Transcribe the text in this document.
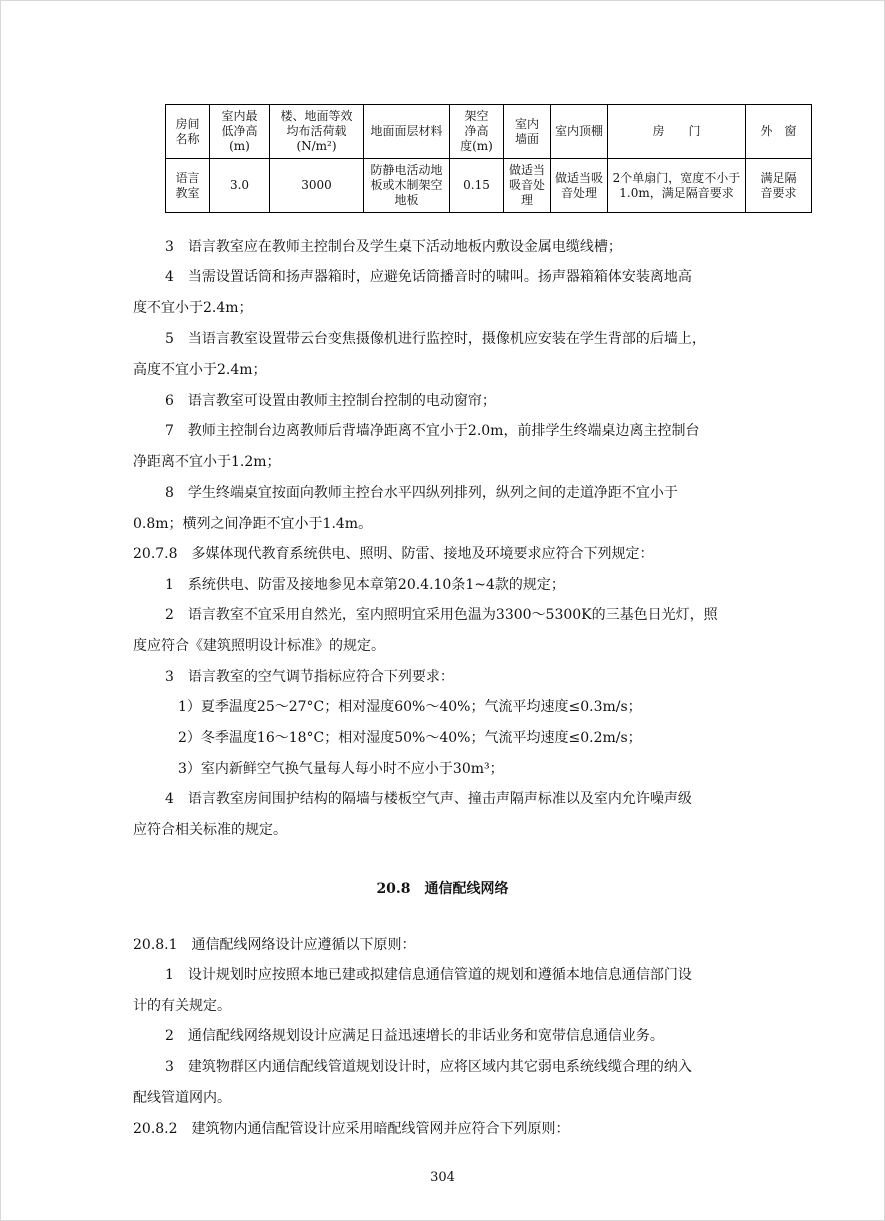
房间
名称	室内最
低净高
(m)	楼、地面等效
均布活荷载
(N/m²)	地面面层材料	架空
净高
度(m)	室内
墙面	室内顶棚	房　　门	外　窗
语言
教室	3.0	3000	防静电活动地
板或木制架空
地板	0.15	做适当
吸音处
理	做适当吸
音处理	2个单扇门，宽度不小于
1.0m，满足隔音要求	满足隔
音要求
3　语言教室应在教师主控制台及学生桌下活动地板内敷设金属电缆线槽；
4　当需设置话筒和扬声器箱时，应避免话筒播音时的啸叫。扬声器箱箱体安装离地高
度不宜小于2.4m；
5　当语言教室设置带云台变焦摄像机进行监控时，摄像机应安装在学生背部的后墙上，
高度不宜小于2.4m；
6　语言教室可设置由教师主控制台控制的电动窗帘；
7　教师主控制台边离教师后背墙净距离不宜小于2.0m，前排学生终端桌边离主控制台
净距离不宜小于1.2m；
8　学生终端桌宜按面向教师主控台水平四纵列排列，纵列之间的走道净距不宜小于
0.8m；横列之间净距不宜小于1.4m。
20.7.8　多媒体现代教育系统供电、照明、防雷、接地及环境要求应符合下列规定：
1　系统供电、防雷及接地参见本章第20.4.10条1~4款的规定；
2　语言教室不宜采用自然光，室内照明宜采用色温为3300～5300K的三基色日光灯，照
度应符合《建筑照明设计标准》的规定。
3　语言教室的空气调节指标应符合下列要求：
1）夏季温度25～27°C；相对湿度60%～40%；气流平均速度≤0.3m/s；
2）冬季温度16～18°C；相对湿度50%～40%；气流平均速度≤0.2m/s；
3）室内新鲜空气换气量每人每小时不应小于30m³；
4　语言教室房间围护结构的隔墙与楼板空气声、撞击声隔声标准以及室内允许噪声级
应符合相关标准的规定。
20.8　通信配线网络
20.8.1　通信配线网络设计应遵循以下原则：
1　设计规划时应按照本地已建或拟建信息通信管道的规划和遵循本地信息通信部门设
计的有关规定。
2　通信配线网络规划设计应满足日益迅速增长的非话业务和宽带信息通信业务。
3　建筑物群区内通信配线管道规划设计时，应将区域内其它弱电系统线缆合理的纳入
配线管道网内。
20.8.2　建筑物内通信配管设计应采用暗配线管网并应符合下列原则：
304
